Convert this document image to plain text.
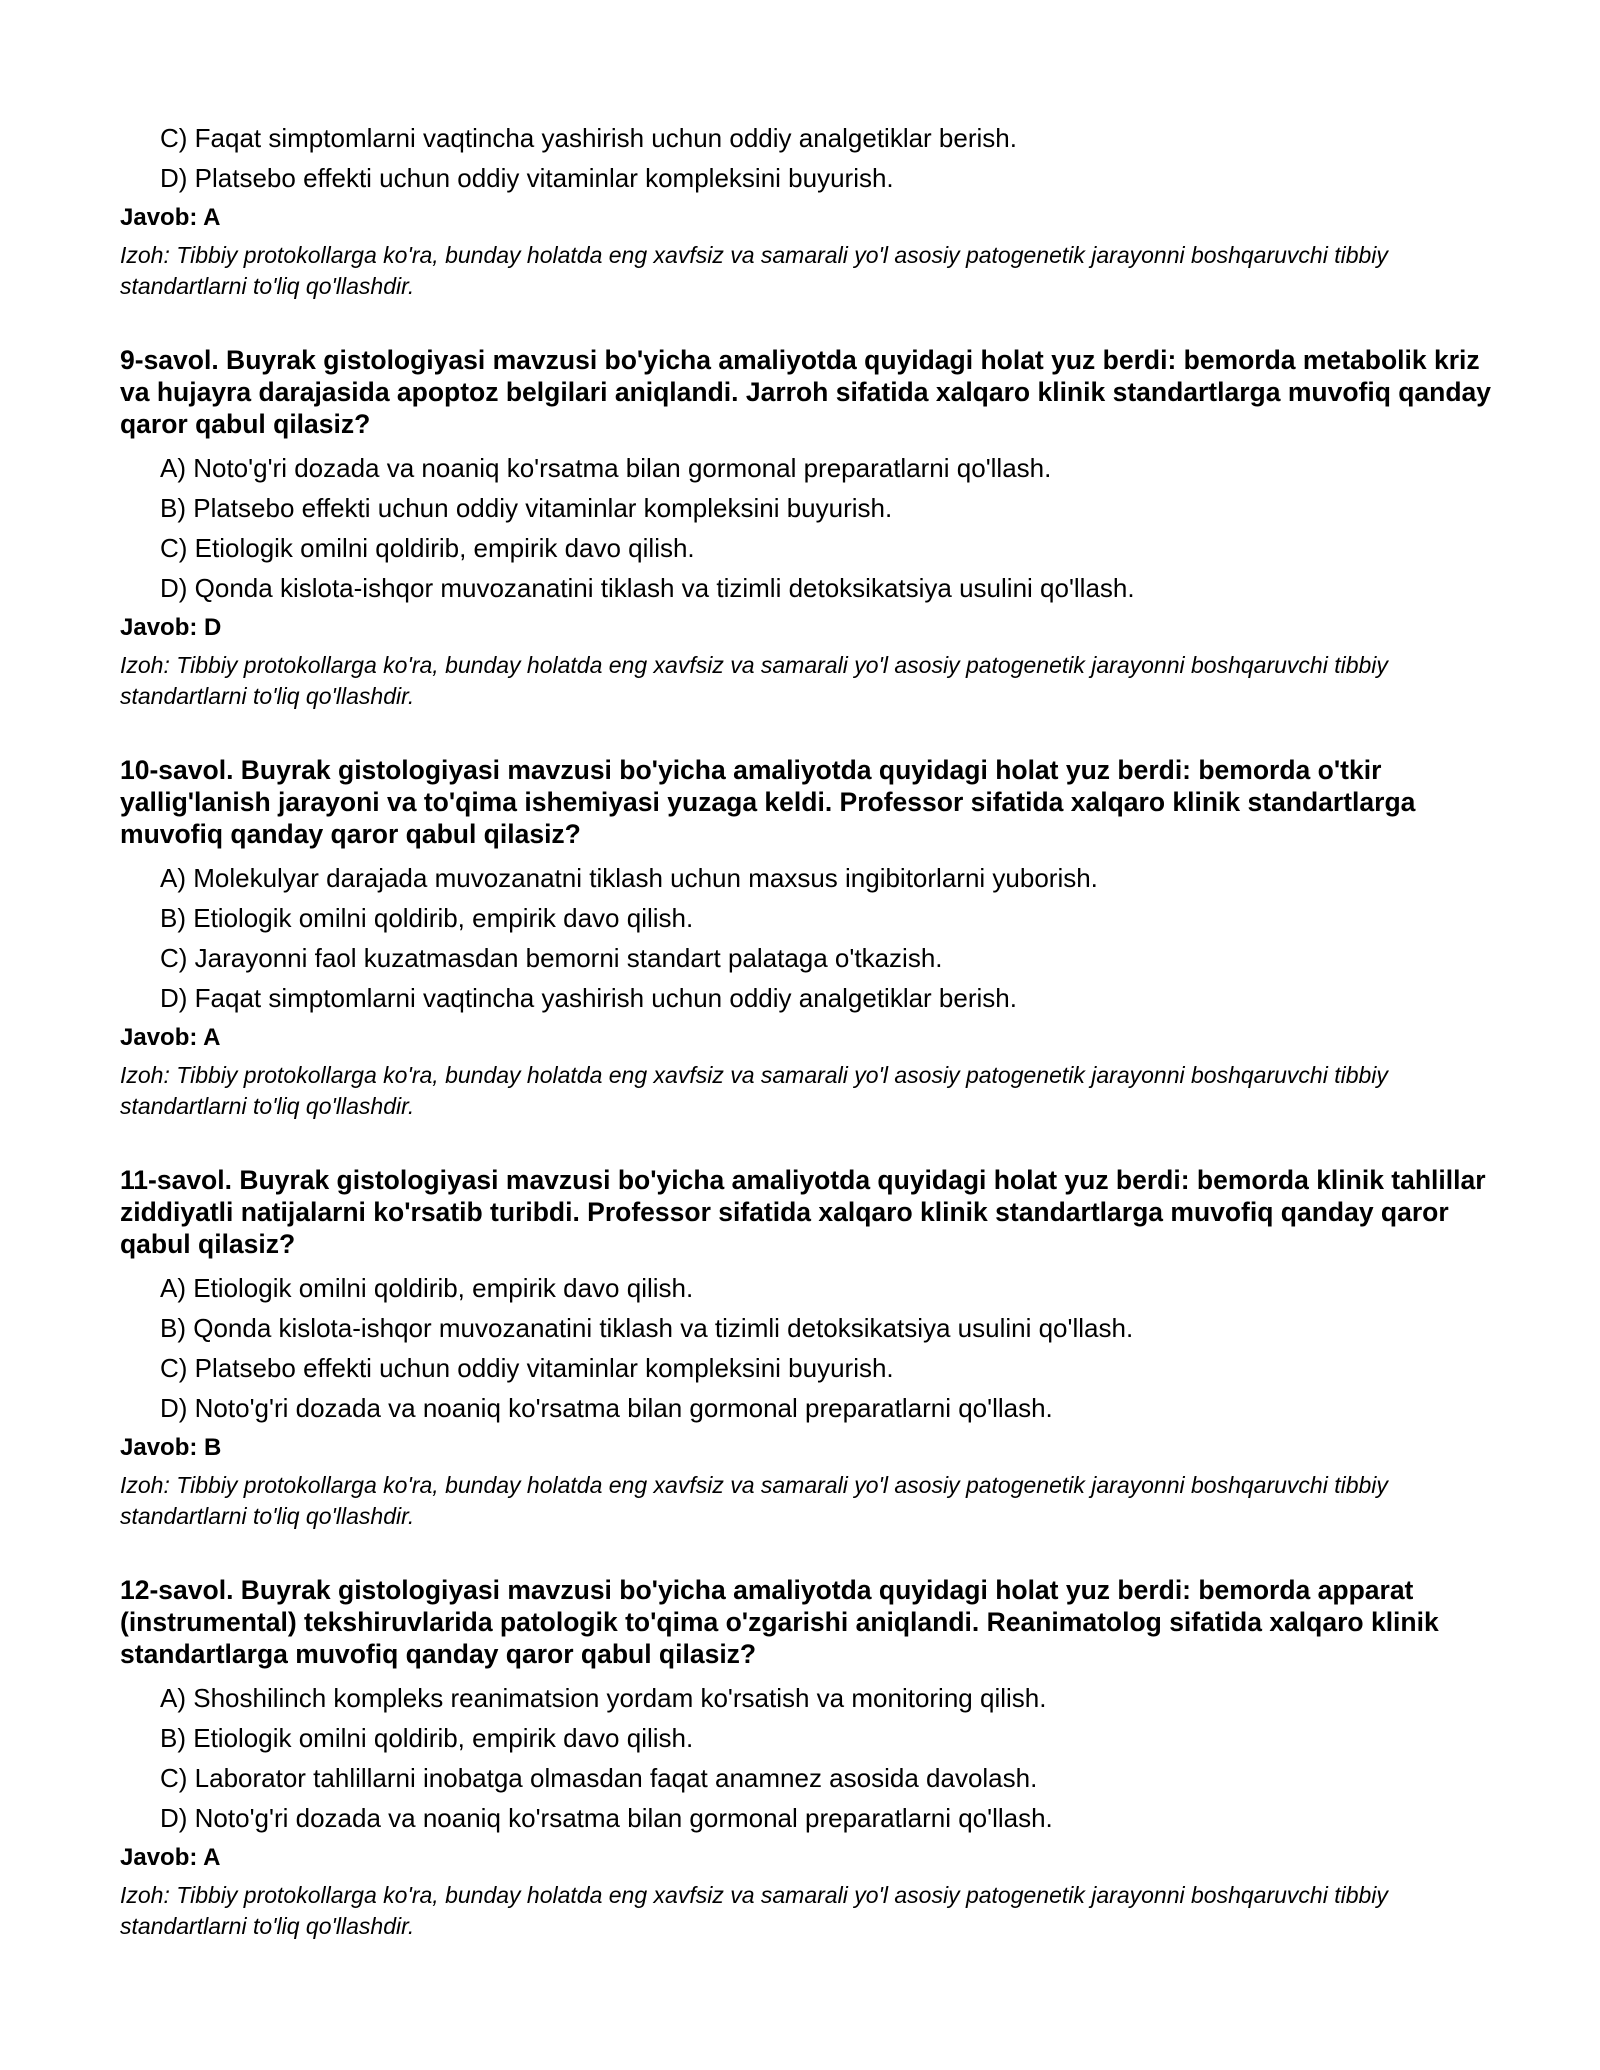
C) Faqat simptomlarni vaqtincha yashirish uchun oddiy analgetiklar berish.
D) Platsebo effekti uchun oddiy vitaminlar kompleksini buyurish.
Javob: A
Izoh: Tibbiy protokollarga ko'ra, bunday holatda eng xavfsiz va samarali yo'l asosiy patogenetik jarayonni boshqaruvchi tibbiy standartlarni to'liq qo'llashdir.
9-savol. Buyrak gistologiyasi mavzusi bo'yicha amaliyotda quyidagi holat yuz berdi: bemorda metabolik kriz va hujayra darajasida apoptoz belgilari aniqlandi. Jarroh sifatida xalqaro klinik standartlarga muvofiq qanday qaror qabul qilasiz?
A) Noto'g'ri dozada va noaniq ko'rsatma bilan gormonal preparatlarni qo'llash.
B) Platsebo effekti uchun oddiy vitaminlar kompleksini buyurish.
C) Etiologik omilni qoldirib, empirik davo qilish.
D) Qonda kislota-ishqor muvozanatini tiklash va tizimli detoksikatsiya usulini qo'llash.
Javob: D
Izoh: Tibbiy protokollarga ko'ra, bunday holatda eng xavfsiz va samarali yo'l asosiy patogenetik jarayonni boshqaruvchi tibbiy standartlarni to'liq qo'llashdir.
10-savol. Buyrak gistologiyasi mavzusi bo'yicha amaliyotda quyidagi holat yuz berdi: bemorda o'tkir yallig'lanish jarayoni va to'qima ishemiyasi yuzaga keldi. Professor sifatida xalqaro klinik standartlarga muvofiq qanday qaror qabul qilasiz?
A) Molekulyar darajada muvozanatni tiklash uchun maxsus ingibitorlarni yuborish.
B) Etiologik omilni qoldirib, empirik davo qilish.
C) Jarayonni faol kuzatmasdan bemorni standart palataga o'tkazish.
D) Faqat simptomlarni vaqtincha yashirish uchun oddiy analgetiklar berish.
Javob: A
Izoh: Tibbiy protokollarga ko'ra, bunday holatda eng xavfsiz va samarali yo'l asosiy patogenetik jarayonni boshqaruvchi tibbiy standartlarni to'liq qo'llashdir.
11-savol. Buyrak gistologiyasi mavzusi bo'yicha amaliyotda quyidagi holat yuz berdi: bemorda klinik tahlillar ziddiyatli natijalarni ko'rsatib turibdi. Professor sifatida xalqaro klinik standartlarga muvofiq qanday qaror qabul qilasiz?
A) Etiologik omilni qoldirib, empirik davo qilish.
B) Qonda kislota-ishqor muvozanatini tiklash va tizimli detoksikatsiya usulini qo'llash.
C) Platsebo effekti uchun oddiy vitaminlar kompleksini buyurish.
D) Noto'g'ri dozada va noaniq ko'rsatma bilan gormonal preparatlarni qo'llash.
Javob: B
Izoh: Tibbiy protokollarga ko'ra, bunday holatda eng xavfsiz va samarali yo'l asosiy patogenetik jarayonni boshqaruvchi tibbiy standartlarni to'liq qo'llashdir.
12-savol. Buyrak gistologiyasi mavzusi bo'yicha amaliyotda quyidagi holat yuz berdi: bemorda apparat (instrumental) tekshiruvlarida patologik to'qima o'zgarishi aniqlandi. Reanimatolog sifatida xalqaro klinik standartlarga muvofiq qanday qaror qabul qilasiz?
A) Shoshilinch kompleks reanimatsion yordam ko'rsatish va monitoring qilish.
B) Etiologik omilni qoldirib, empirik davo qilish.
C) Laborator tahlillarni inobatga olmasdan faqat anamnez asosida davolash.
D) Noto'g'ri dozada va noaniq ko'rsatma bilan gormonal preparatlarni qo'llash.
Javob: A
Izoh: Tibbiy protokollarga ko'ra, bunday holatda eng xavfsiz va samarali yo'l asosiy patogenetik jarayonni boshqaruvchi tibbiy standartlarni to'liq qo'llashdir.
